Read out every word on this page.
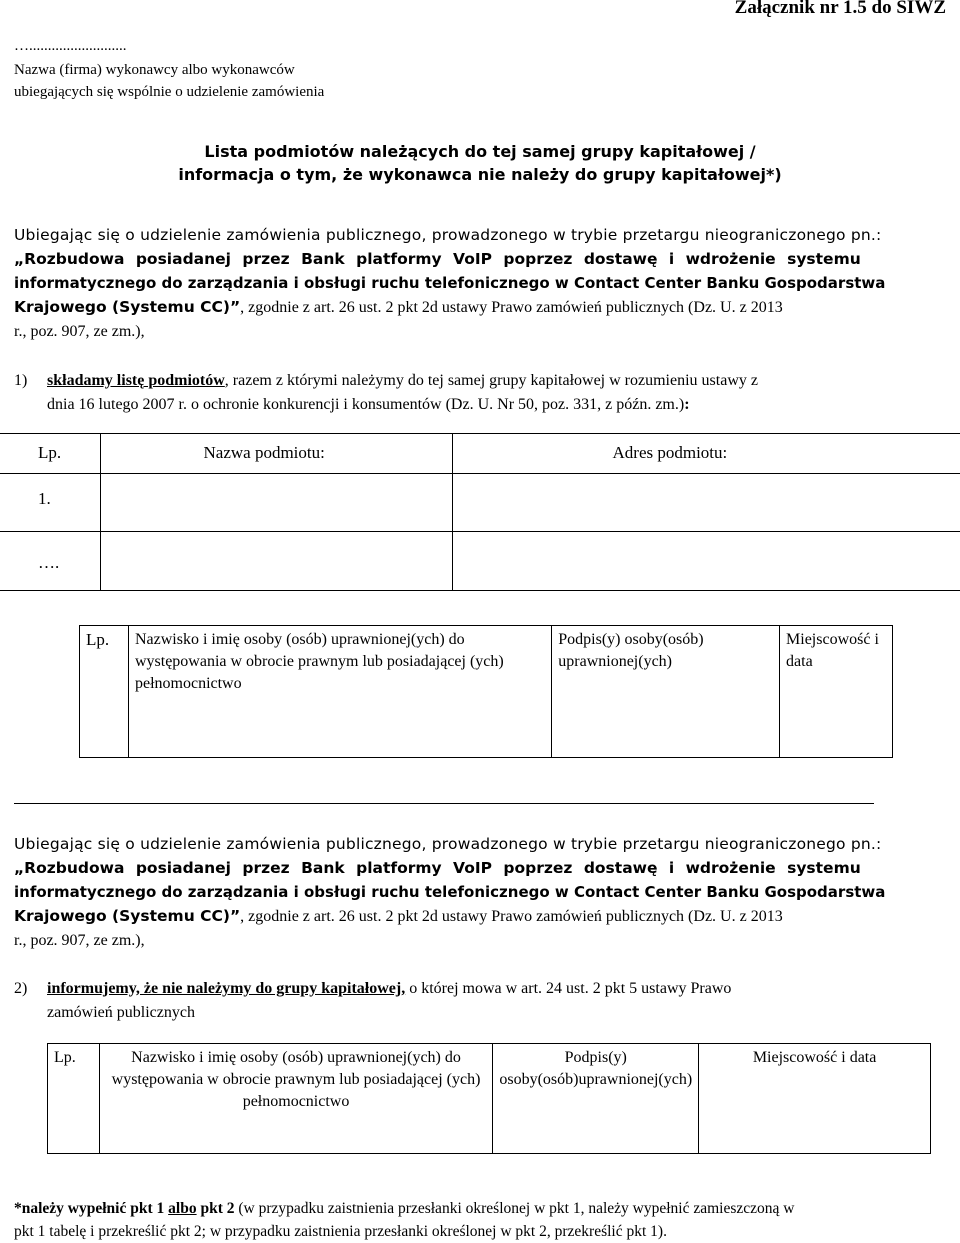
Załącznik nr 1.5 do SIWZ
…..........................
Nazwa (firma) wykonawcy albo wykonawców
ubiegających się wspólnie o udzielenie zamówienia
Lista podmiotów należących do tej samej grupy kapitałowej /
informacja o tym, że wykonawca nie należy do grupy kapitałowej*)
Ubiegając się o udzielenie zamówienia publicznego, prowadzonego w trybie przetargu nieograniczonego pn.:
„Rozbudowa posiadanej przez Bank platformy VoIP poprzez dostawę i wdrożenie systemu
informatycznego do zarządzania i obsługi ruchu telefonicznego w Contact Center Banku Gospodarstwa
Krajowego (Systemu CC)”, zgodnie z art. 26 ust. 2 pkt 2d ustawy Prawo zamówień publicznych (Dz. U. z 2013
r., poz. 907, ze zm.),
1) składamy listę podmiotów, razem z którymi należymy do tej samej grupy kapitałowej w rozumieniu ustawy z
dnia 16 lutego 2007 r. o ochronie konkurencji i konsumentów (Dz. U. Nr 50, poz. 331, z późn. zm.):
Lp.	Nazwa podmiotu:	Adres podmiotu:
1.		
….		
Lp.	Nazwisko i imię osoby (osób) uprawnionej(ych) do występowania w obrocie prawnym lub posiadającej (ych) pełnomocnictwo	Podpis(y) osoby(osób) uprawnionej(ych)	Miejscowość i data
Ubiegając się o udzielenie zamówienia publicznego, prowadzonego w trybie przetargu nieograniczonego pn.:
„Rozbudowa posiadanej przez Bank platformy VoIP poprzez dostawę i wdrożenie systemu
informatycznego do zarządzania i obsługi ruchu telefonicznego w Contact Center Banku Gospodarstwa
Krajowego (Systemu CC)”, zgodnie z art. 26 ust. 2 pkt 2d ustawy Prawo zamówień publicznych (Dz. U. z 2013
r., poz. 907, ze zm.),
2) informujemy, że nie należymy do grupy kapitałowej, o której mowa w art. 24 ust. 2 pkt 5 ustawy Prawo
zamówień publicznych
Lp.	Nazwisko i imię osoby (osób) uprawnionej(ych) do występowania w obrocie prawnym lub posiadającej (ych) pełnomocnictwo	Podpis(y) osoby(osób)uprawnionej(ych)	Miejscowość i data
*należy wypełnić pkt 1 albo pkt 2 (w przypadku zaistnienia przesłanki określonej w pkt 1, należy wypełnić zamieszczoną w
pkt 1 tabelę i przekreślić pkt 2; w przypadku zaistnienia przesłanki określonej w pkt 2, przekreślić pkt 1).
